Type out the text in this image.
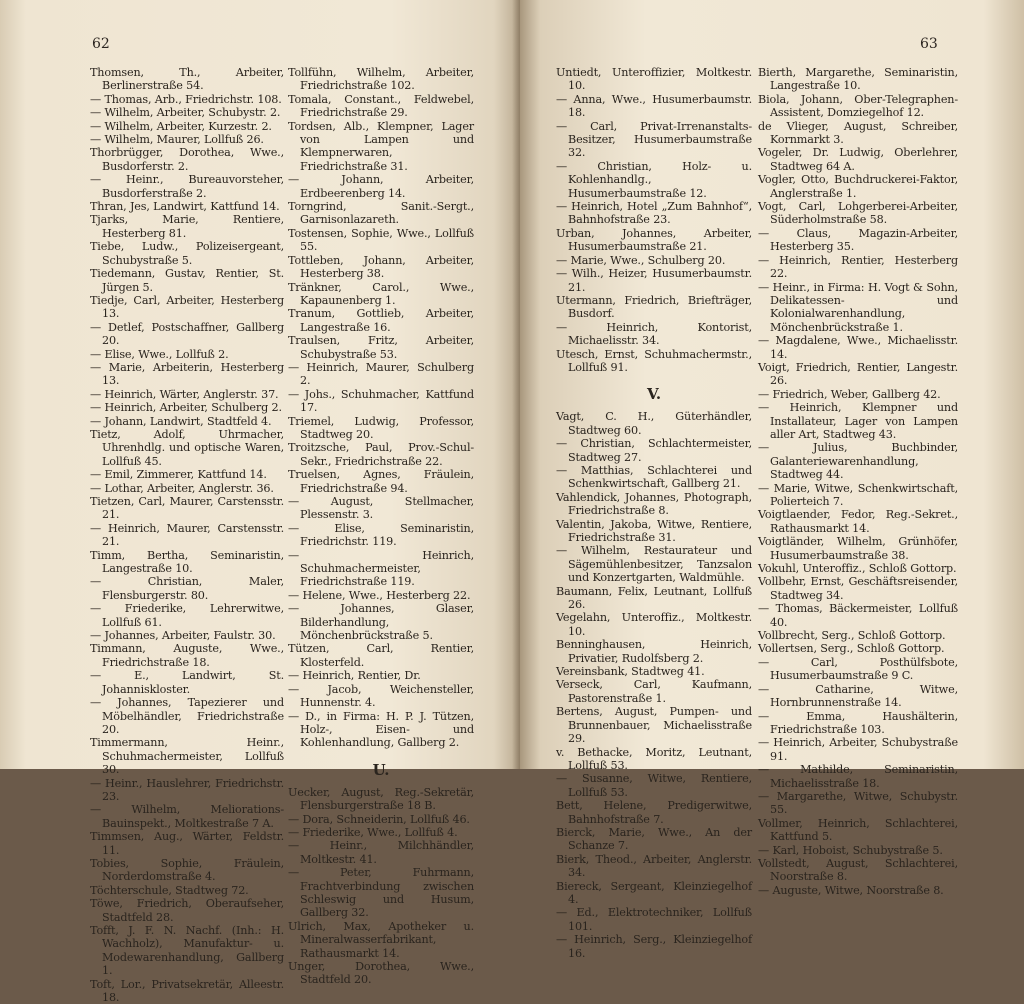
62

Thomsen, Th., Arbeiter, Berlinerstraße 54.

— Thomas, Arb., Friedrichstr. 108.

— Wilhelm, Arbeiter, Schubystr. 2.

— Wilhelm, Arbeiter, Kurzestr. 2.

— Wilhelm, Maurer, Lollfuß 26.

Thorbrügger, Dorothea, Wwe., Busdorferstr. 2.

— Heinr., Bureauvorsteher, Busdorferstraße 2.

Thran, Jes, Landwirt, Kattfund 14.

Tjarks, Marie, Rentiere, Hesterberg 81.

Tiebe, Ludw., Polizeisergeant, Schubystraße 5.

Tiedemann, Gustav, Rentier, St. Jürgen 5.

Tiedje, Carl, Arbeiter, Hesterberg 13.

— Detlef, Postschaffner, Gallberg 20.

— Elise, Wwe., Lollfuß 2.

— Marie, Arbeiterin, Hesterberg 13.

— Heinrich, Wärter, Anglerstr. 37.

— Heinrich, Arbeiter, Schulberg 2.

— Johann, Landwirt, Stadtfeld 4.

Tietz, Adolf, Uhrmacher, Uhrenhdlg. und optische Waren, Lollfuß 45.

— Emil, Zimmerer, Kattfund 14.

— Lothar, Arbeiter, Anglerstr. 36.

Tietzen, Carl, Maurer, Carstensstr. 21.

— Heinrich, Maurer, Carstensstr. 21.

Timm, Bertha, Seminaristin, Langestraße 10.

— Christian, Maler, Flensburgerstr. 80.

— Friederike, Lehrerwitwe, Lollfuß 61.

— Johannes, Arbeiter, Faulstr. 30.

Timmann, Auguste, Wwe., Friedrichstraße 18.

— E., Landwirt, St. Johanniskloster.

— Johannes, Tapezierer und Möbelhändler, Friedrichstraße 20.

Timmermann, Heinr., Schuhmachermeister, Lollfuß 30.

— Heinr., Hauslehrer, Friedrichstr. 23.

— Wilhelm, Meliorations-Bauinspekt., Moltkestraße 7 A.

Timmsen, Aug., Wärter, Feldstr. 11.

Tobies, Sophie, Fräulein, Norderdomstraße 4.

Töchterschule, Stadtweg 72.

Töwe, Friedrich, Oberaufseher, Stadtfeld 28.

Tofft, J. F. N. Nachf. (Inh.: H. Wachholz), Manufaktur- u. Modewarenhandlung, Gallberg 1.

Toft, Lor., Privatsekretär, Alleestr. 18.

Tollfühn, Wilhelm, Arbeiter, Friedrichstraße 102.

Tomala, Constant., Feldwebel, Friedrichstraße 29.

Tordsen, Alb., Klempner, Lager von Lampen und Klempnerwaren, Friedrichstraße 31.

— Johann, Arbeiter, Erdbeerenberg 14.

Torngrind, Sanit.-Sergt., Garnisonlazareth.

Tostensen, Sophie, Wwe., Lollfuß 55.

Tottleben, Johann, Arbeiter, Hesterberg 38.

Tränkner, Carol., Wwe., Kapaunenberg 1.

Tranum, Gottlieb, Arbeiter, Langestraße 16.

Traulsen, Fritz, Arbeiter, Schubystraße 53.

— Heinrich, Maurer, Schulberg 2.

— Johs., Schuhmacher, Kattfund 17.

Triemel, Ludwig, Professor, Stadtweg 20.

Troitzsche, Paul, Prov.-Schul-Sekr., Friedrichstraße 22.

Truelsen, Agnes, Fräulein, Friedrichstraße 94.

— August, Stellmacher, Plessenstr. 3.

— Elise, Seminaristin, Friedrichstr. 119.

— Heinrich, Schuhmachermeister, Friedrichstraße 119.

— Helene, Wwe., Hesterberg 22.

— Johannes, Glaser, Bilderhandlung, Mönchenbrückstraße 5.

Tützen, Carl, Rentier, Klosterfeld.

— Heinrich, Rentier, Dr.

— Jacob, Weichensteller, Hunnenstr. 4.

— D., in Firma: H. P. J. Tützen, Holz-, Eisen- und Kohlenhandlung, Gallberg 2.

U.

Uecker, August, Reg.-Sekretär, Flensburgerstraße 18 B.

— Dora, Schneiderin, Lollfuß 46.

— Friederike, Wwe., Lollfuß 4.

— Heinr., Milchhändler, Moltkestr. 41.

— Peter, Fuhrmann, Frachtverbindung zwischen Schleswig und Husum, Gallberg 32.

Ulrich, Max, Apotheker u. Mineralwasserfabrikant, Rathausmarkt 14.

Unger, Dorothea, Wwe., Stadtfeld 20.

63

Untiedt, Unteroffizier, Moltkestr. 10.

— Anna, Wwe., Husumerbaumstr. 18.

— Carl, Privat-Irrenanstalts-Besitzer, Husumerbaumstraße 32.

— Christian, Holz- u. Kohlenhandlg., Husumerbaumstraße 12.

— Heinrich, Hotel „Zum Bahnhof“, Bahnhofstraße 23.

Urban, Johannes, Arbeiter, Husumerbaumstraße 21.

— Marie, Wwe., Schulberg 20.

— Wilh., Heizer, Husumerbaumstr. 21.

Utermann, Friedrich, Briefträger, Busdorf.

— Heinrich, Kontorist, Michaelisstr. 34.

Utesch, Ernst, Schuhmachermstr., Lollfuß 91.

V.

Vagt, C. H., Güterhändler, Stadtweg 60.

— Christian, Schlachtermeister, Stadtweg 27.

— Matthias, Schlachterei und Schenkwirtschaft, Gallberg 21.

Vahlendick, Johannes, Photograph, Friedrichstraße 8.

Valentin, Jakoba, Witwe, Rentiere, Friedrichstraße 31.

— Wilhelm, Restaurateur und Sägemühlenbesitzer, Tanzsalon und Konzertgarten, Waldmühle.

Baumann, Felix, Leutnant, Lollfuß 26.

Vegelahn, Unteroffiz., Moltkestr. 10.

Benninghausen, Heinrich, Privatier, Rudolfsberg 2.

Vereinsbank, Stadtweg 41.

Verseck, Carl, Kaufmann, Pastorenstraße 1.

Bertens, August, Pumpen- und Brunnenbauer, Michaelisstraße 29.

v. Bethacke, Moritz, Leutnant, Lollfuß 53.

— Susanne, Witwe, Rentiere, Lollfuß 53.

Bett, Helene, Predigerwitwe, Bahnhofstraße 7.

Bierck, Marie, Wwe., An der Schanze 7.

Bierk, Theod., Arbeiter, Anglerstr. 34.

Biereck, Sergeant, Kleinziegelhof 4.

— Ed., Elektrotechniker, Lollfuß 101.

— Heinrich, Serg., Kleinziegelhof 16.

Bierth, Margarethe, Seminaristin, Langestraße 10.

Biola, Johann, Ober-Telegraphen-Assistent, Domziegelhof 12.

de Vlieger, August, Schreiber, Kornmarkt 3.

Vogeler, Dr. Ludwig, Oberlehrer, Stadtweg 64 A.

Vogler, Otto, Buchdruckerei-Faktor, Anglerstraße 1.

Vogt, Carl, Lohgerberei-Arbeiter, Süderholmstraße 58.

— Claus, Magazin-Arbeiter, Hesterberg 35.

— Heinrich, Rentier, Hesterberg 22.

— Heinr., in Firma: H. Vogt & Sohn, Delikatessen- und Kolonialwarenhandlung, Mönchenbrückstraße 1.

— Magdalene, Wwe., Michaelisstr. 14.

Voigt, Friedrich, Rentier, Langestr. 26.

— Friedrich, Weber, Gallberg 42.

— Heinrich, Klempner und Installateur, Lager von Lampen aller Art, Stadtweg 43.

— Julius, Buchbinder, Galanteriewarenhandlung, Stadtweg 44.

— Marie, Witwe, Schenkwirtschaft, Polierteich 7.

Voigtlaender, Fedor, Reg.-Sekret., Rathausmarkt 14.

Voigtländer, Wilhelm, Grünhöfer, Husumerbaumstraße 38.

Vokuhl, Unteroffiz., Schloß Gottorp.

Vollbehr, Ernst, Geschäftsreisender, Stadtweg 34.

— Thomas, Bäckermeister, Lollfuß 40.

Vollbrecht, Serg., Schloß Gottorp.

Vollertsen, Serg., Schloß Gottorp.

— Carl, Posthülfsbote, Husumerbaumstraße 9 C.

— Catharine, Witwe, Hornbrunnenstraße 14.

— Emma, Haushälterin, Friedrichstraße 103.

— Heinrich, Arbeiter, Schubystraße 91.

— Mathilde, Seminaristin, Michaelisstraße 18.

— Margarethe, Witwe, Schubystr. 55.

Vollmer, Heinrich, Schlachterei, Kattfund 5.

— Karl, Hoboist, Schubystraße 5.

Vollstedt, August, Schlachterei, Noorstraße 8.

— Auguste, Witwe, Noorstraße 8.
